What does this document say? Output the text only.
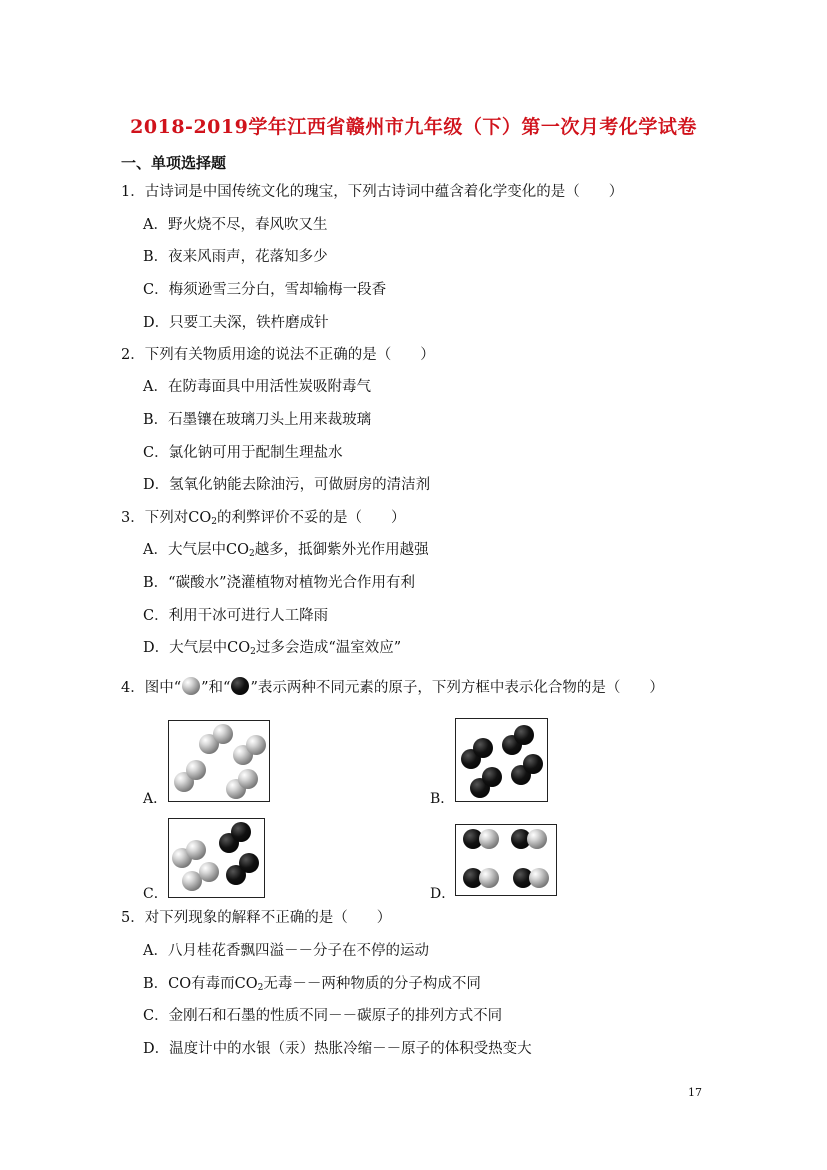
2018-2019学年江西省赣州市九年级（下）第一次月考化学试卷
一、单项选择题
1．古诗词是中国传统文化的瑰宝，下列古诗词中蕴含着化学变化的是（　　）
A．野火烧不尽，春风吹又生
B．夜来风雨声，花落知多少
C．梅须逊雪三分白，雪却输梅一段香
D．只要工夫深，铁杵磨成针
2．下列有关物质用途的说法不正确的是（　　）
A．在防毒面具中用活性炭吸附毒气
B．石墨镶在玻璃刀头上用来裁玻璃
C．氯化钠可用于配制生理盐水
D．氢氧化钠能去除油污，可做厨房的清洁剂
3．下列对$CO_2$的利弊评价不妥的是（　　）
A．大气层中$CO_2$越多，抵御紫外光作用越强
B．“碳酸水”浇灌植物对植物光合作用有利
C．利用干冰可进行人工降雨
D．大气层中$CO_2$过多会造成“温室效应”
4．图中“ ”和“ ”表示两种不同元素的原子，下列方框中表示化合物的是（　　）
A．	B．
C．	D．
5．对下列现象的解释不正确的是（　　）
A．八月桂花香飘四溢－－分子在不停的运动
B．CO有毒而$CO_2$无毒－－两种物质的分子构成不同
C．金刚石和石墨的性质不同－－碳原子的排列方式不同
D．温度计中的水银（汞）热胀冷缩－－原子的体积受热变大
17
